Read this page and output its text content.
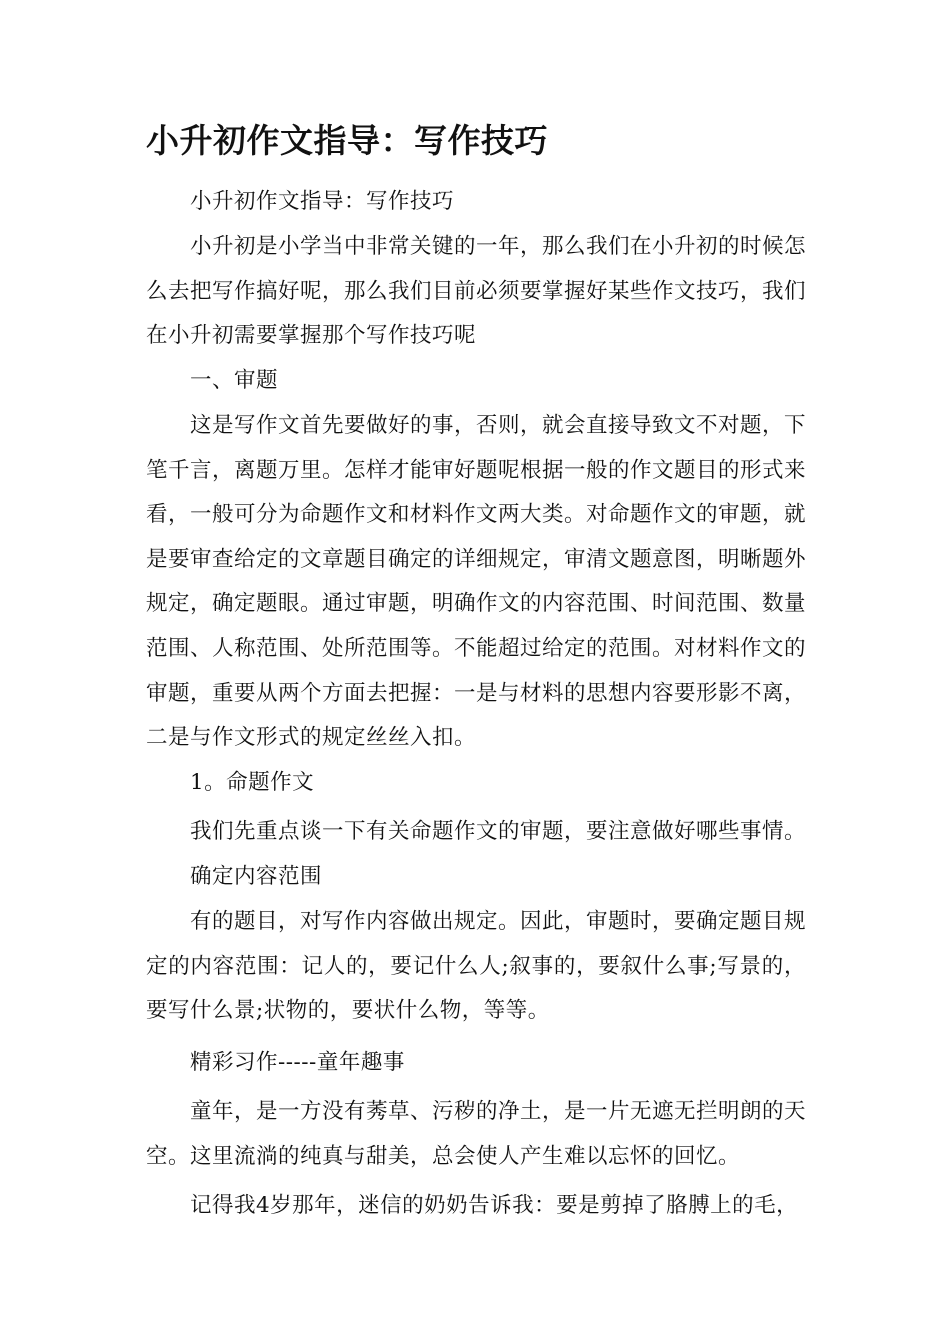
小升初作文指导：写作技巧

小升初作文指导：写作技巧

小升初是小学当中非常关键的一年，那么我们在小升初的时候怎么去把写作搞好呢，那么我们目前必须要掌握好某些作文技巧，我们在小升初需要掌握那个写作技巧呢

一、审题

这是写作文首先要做好的事，否则，就会直接导致文不对题，下笔千言，离题万里。怎样才能审好题呢根据一般的作文题目的形式来看，一般可分为命题作文和材料作文两大类。对命题作文的审题，就是要审查给定的文章题目确定的详细规定，审清文题意图，明晰题外规定，确定题眼。通过审题，明确作文的内容范围、时间范围、数量范围、人称范围、处所范围等。不能超过给定的范围。对材料作文的审题，重要从两个方面去把握：一是与材料的思想内容要形影不离，二是与作文形式的规定丝丝入扣。

1。命题作文

我们先重点谈一下有关命题作文的审题，要注意做好哪些事情。

确定内容范围

有的题目，对写作内容做出规定。因此，审题时，要确定题目规定的内容范围：记人的，要记什么人;叙事的，要叙什么事;写景的，要写什么景;状物的，要状什么物，等等。

精彩习作-----童年趣事

童年，是一方没有莠草、污秽的净土，是一片无遮无拦明朗的天空。这里流淌的纯真与甜美，总会使人产生难以忘怀的回忆。

记得我4岁那年，迷信的奶奶告诉我：要是剪掉了胳膊上的毛，
